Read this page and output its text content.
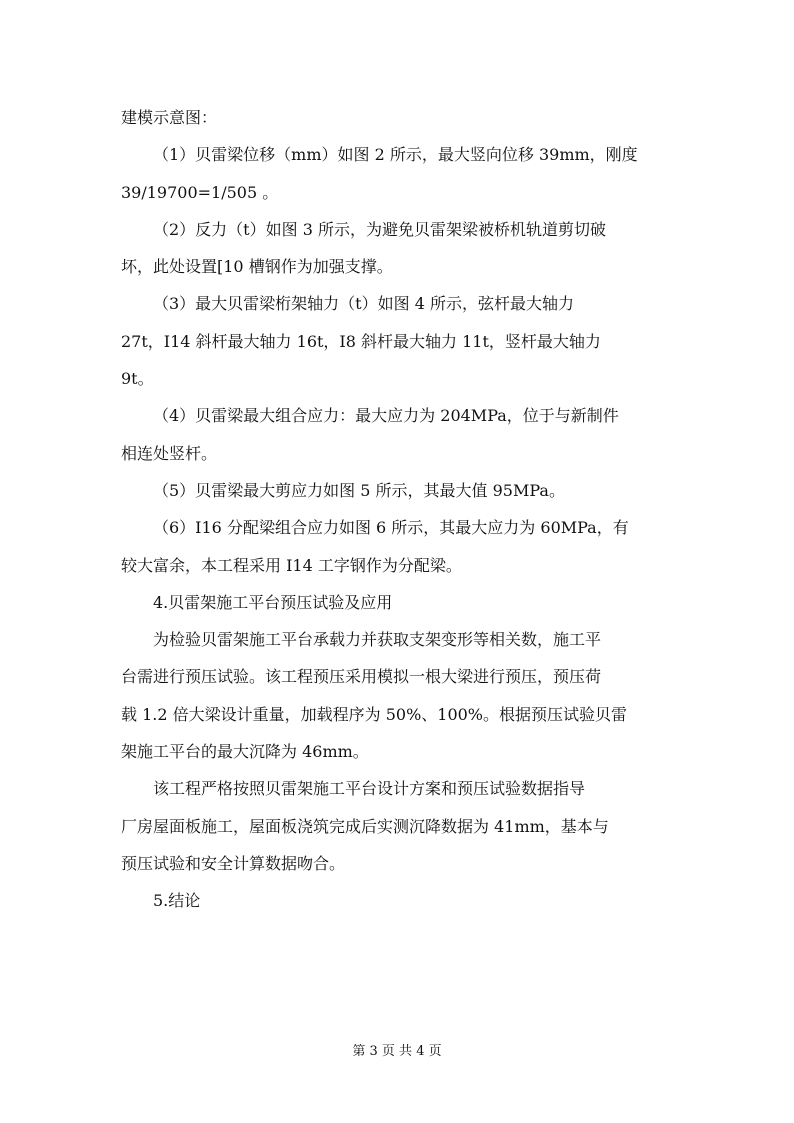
建模示意图：
（1）贝雷梁位移（mm）如图 2 所示，最大竖向位移 39mm，刚度
39/19700=1/505 。
（2）反力（t）如图 3 所示，为避免贝雷架梁被桥机轨道剪切破
坏，此处设置[10 槽钢作为加强支撑。
（3）最大贝雷梁桁架轴力（t）如图 4 所示，弦杆最大轴力
27t，I14 斜杆最大轴力 16t，I8 斜杆最大轴力 11t，竖杆最大轴力
9t。
（4）贝雷梁最大组合应力：最大应力为 204MPa，位于与新制件
相连处竖杆。
（5）贝雷梁最大剪应力如图 5 所示，其最大值 95MPa。
（6）I16 分配梁组合应力如图 6 所示，其最大应力为 60MPa，有
较大富余，本工程采用 I14 工字钢作为分配梁。
4.贝雷架施工平台预压试验及应用
为检验贝雷架施工平台承载力并获取支架变形等相关数，施工平
台需进行预压试验。该工程预压采用模拟一根大梁进行预压，预压荷
载 1.2 倍大梁设计重量，加载程序为 50%、100%。根据预压试验贝雷
架施工平台的最大沉降为 46mm。
该工程严格按照贝雷架施工平台设计方案和预压试验数据指导
厂房屋面板施工，屋面板浇筑完成后实测沉降数据为 41mm，基本与
预压试验和安全计算数据吻合。
5.结论
第 3 页 共 4 页
